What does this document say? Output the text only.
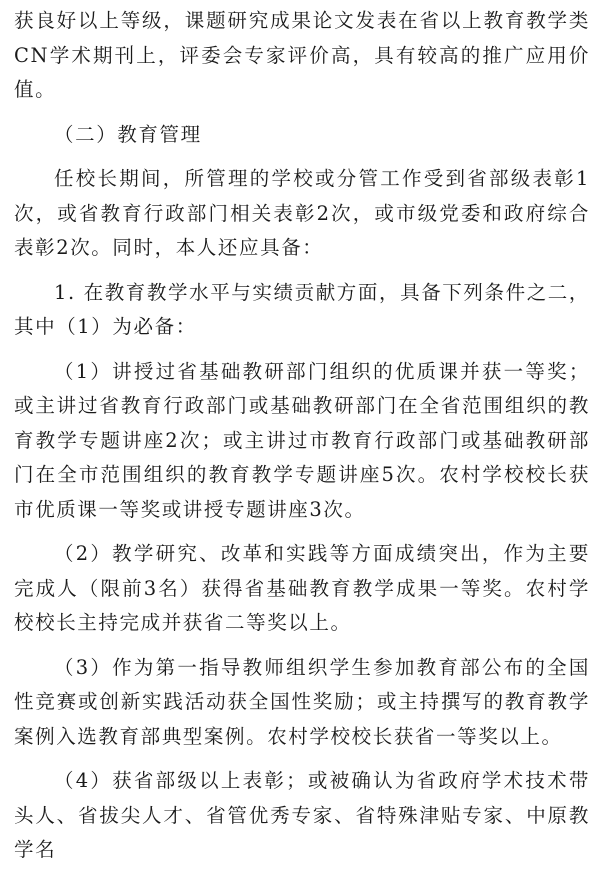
获良好以上等级，课题研究成果论文发表在省以上教育教学类CN学术期刊上，评委会专家评价高，具有较高的推广应用价值。

（二）教育管理

任校长期间，所管理的学校或分管工作受到省部级表彰1次，或省教育行政部门相关表彰2次，或市级党委和政府综合表彰2次。同时，本人还应具备：

1. 在教育教学水平与实绩贡献方面，具备下列条件之二，其中（1）为必备：

（1）讲授过省基础教研部门组织的优质课并获一等奖；或主讲过省教育行政部门或基础教研部门在全省范围组织的教育教学专题讲座2次；或主讲过市教育行政部门或基础教研部门在全市范围组织的教育教学专题讲座5次。农村学校校长获市优质课一等奖或讲授专题讲座3次。

（2）教学研究、改革和实践等方面成绩突出，作为主要完成人（限前3名）获得省基础教育教学成果一等奖。农村学校校长主持完成并获省二等奖以上。

（3）作为第一指导教师组织学生参加教育部公布的全国性竞赛或创新实践活动获全国性奖励；或主持撰写的教育教学案例入选教育部典型案例。农村学校校长获省一等奖以上。

（4）获省部级以上表彰；或被确认为省政府学术技术带头人、省拔尖人才、省管优秀专家、省特殊津贴专家、中原教学名
